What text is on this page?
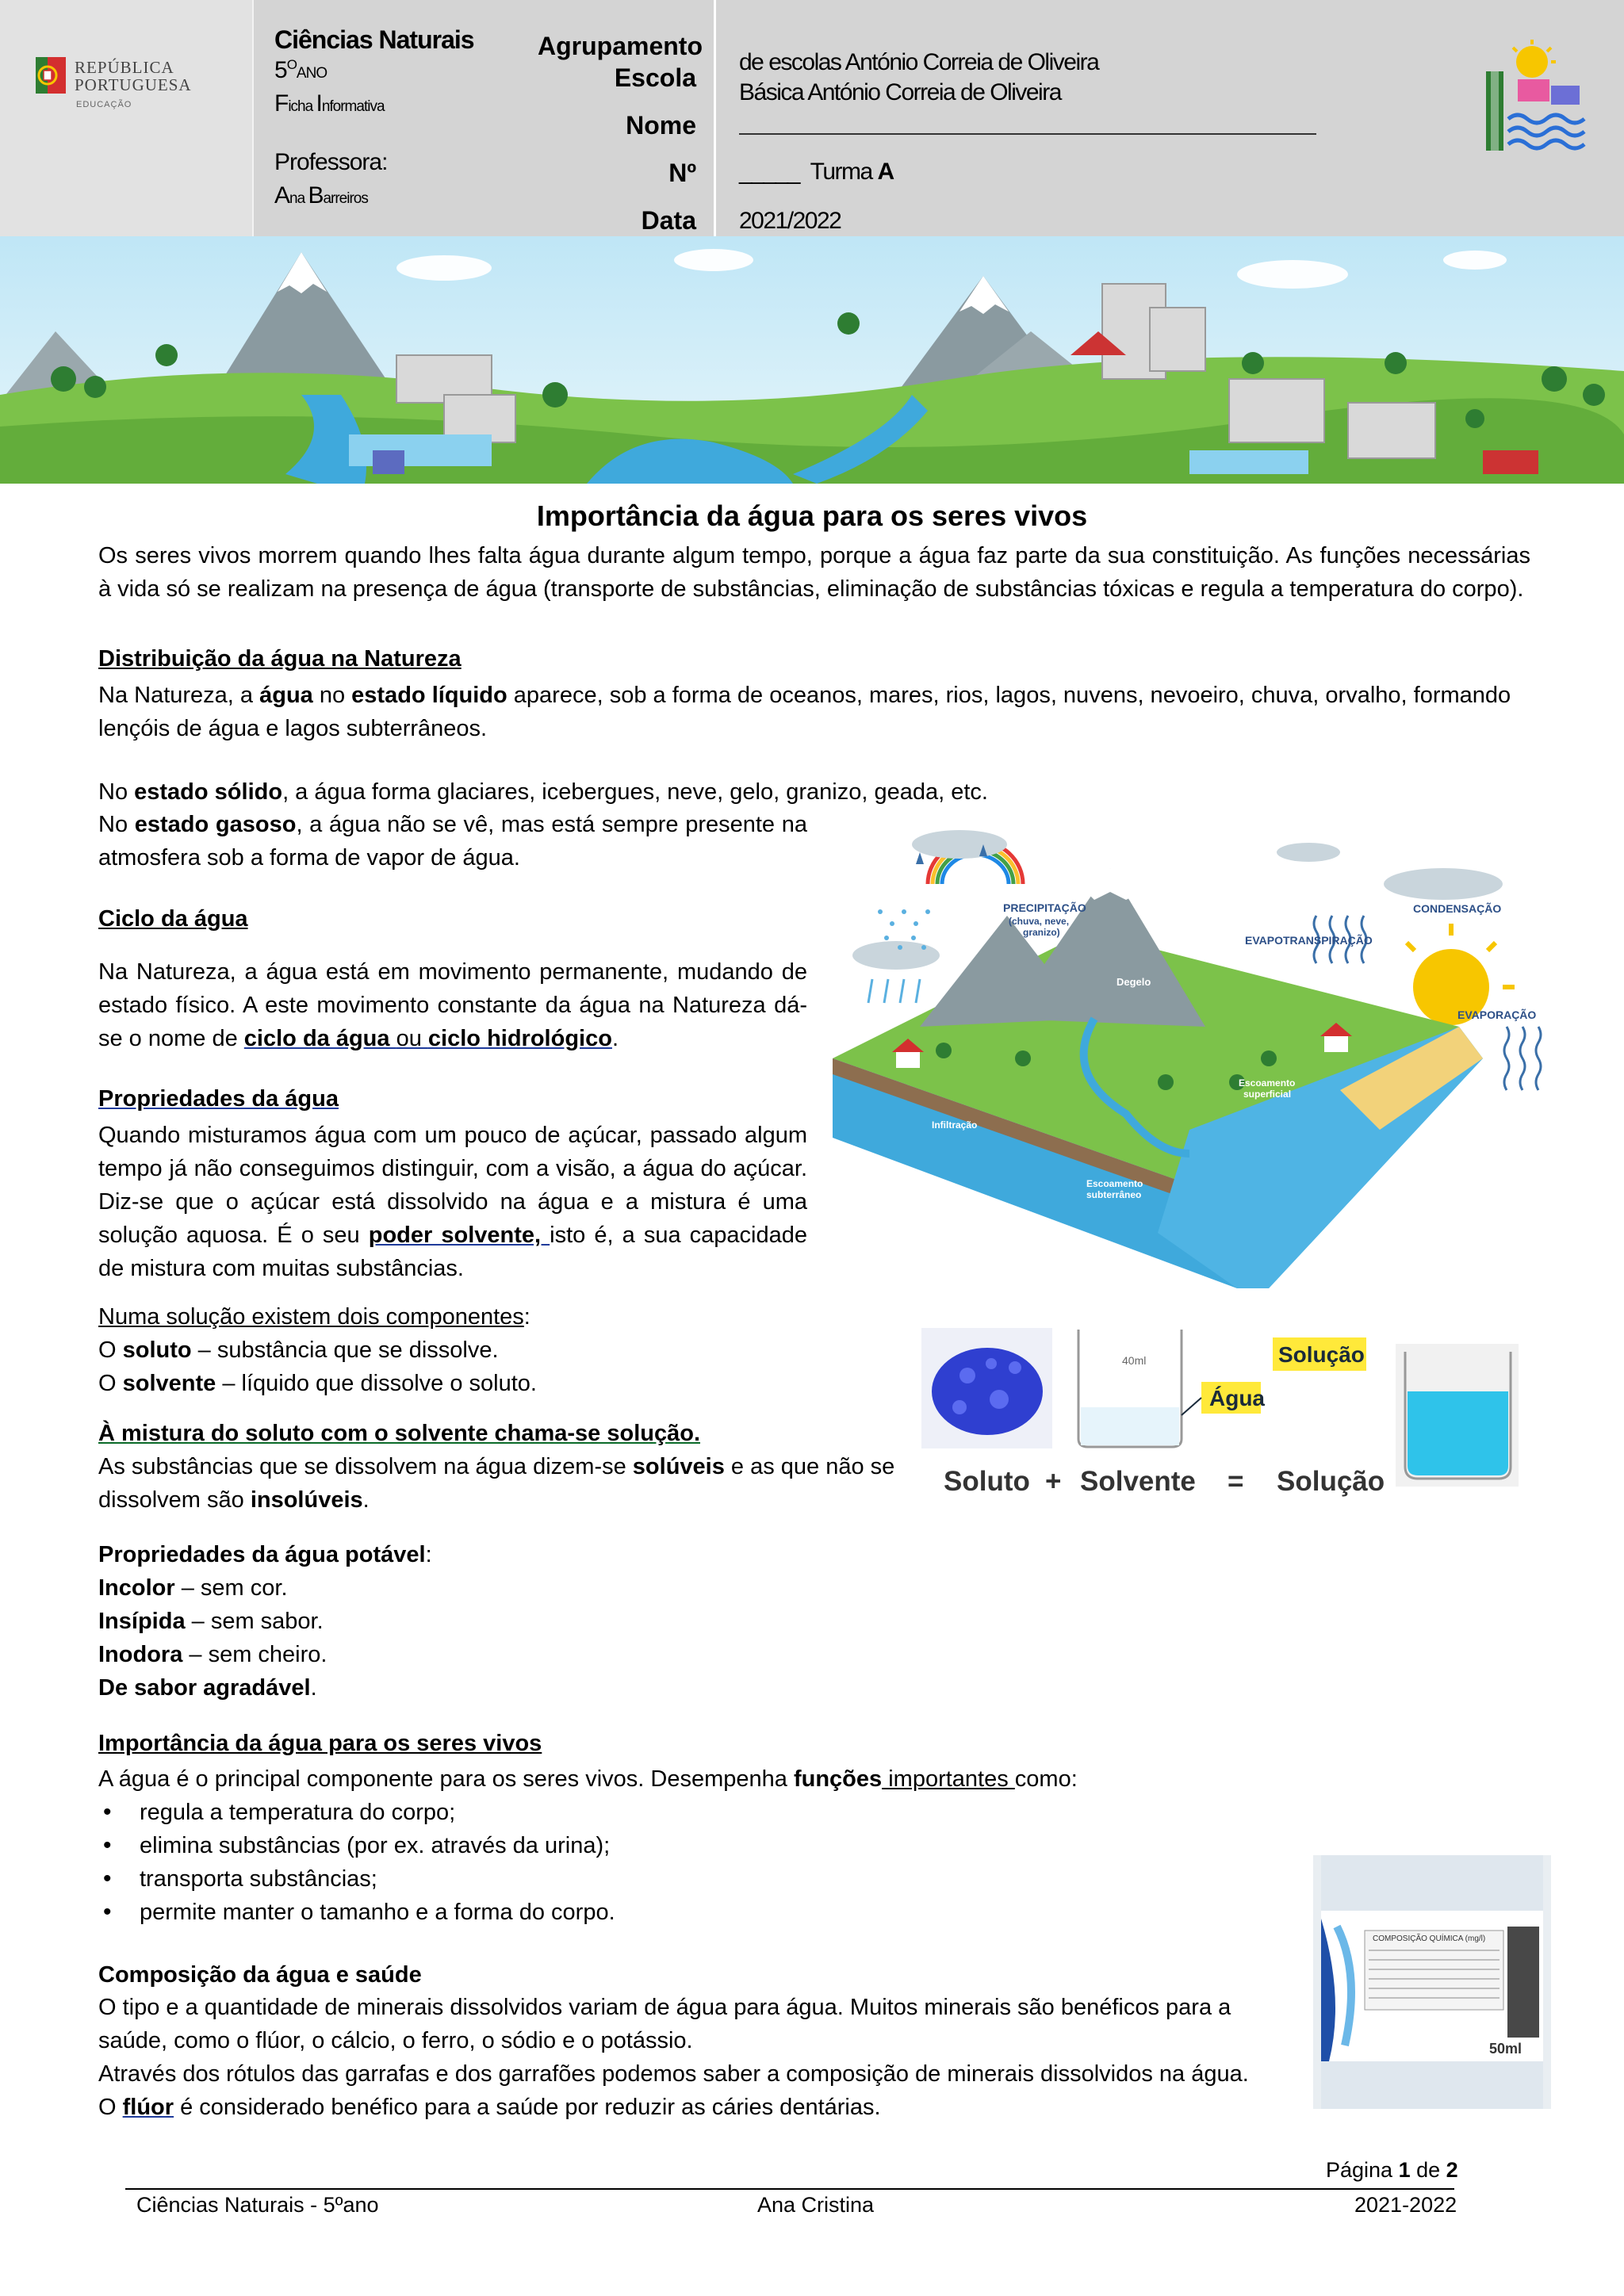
REPÚBLICA
PORTUGUESA
EDUCAÇÃO
Ciências Naturais
$5^OANO$
Ficha Informativa
Professora:
Ana Barreiros
Agrupamento
Escola
Nome
Nº
Data
de escolas António Correia de Oliveira
Básica António Correia de Oliveira
_____ Turma A
2021/2022
Importância da água para os seres vivos
Os seres vivos morrem quando lhes falta água durante algum tempo, porque a água faz parte da sua constituição. As funções necessárias à vida só se realizam na presença de água (transporte de substâncias, eliminação de substâncias tóxicas e regula a temperatura do corpo).
Distribuição da água na Natureza
Na Natureza, a água no estado líquido aparece, sob a forma de oceanos, mares, rios, lagos, nuvens, nevoeiro, chuva, orvalho, formando lençóis de água e lagos subterrâneos.
No estado sólido, a água forma glaciares, icebergues, neve, gelo, granizo, geada, etc.
No estado gasoso, a água não se vê, mas está sempre presente na atmosfera sob a forma de vapor de água.
Ciclo da água
Na Natureza, a água está em movimento permanente, mudando de estado físico. A este movimento constante da água na Natureza dá-se o nome de ciclo da água ou ciclo hidrológico.
Propriedades da água
Quando misturamos água com um pouco de açúcar, passado algum tempo já não conseguimos distinguir, com a visão, a água do açúcar. Diz-se que o açúcar está dissolvido na água e a mistura é uma solução aquosa. É o seu poder solvente, isto é, a sua capacidade de mistura com muitas substâncias.
Numa solução existem dois componentes:
O soluto – substância que se dissolve.
O solvente – líquido que dissolve o soluto.
À mistura do soluto com o solvente chama-se solução.
As substâncias que se dissolvem na água dizem-se solúveis e as que não se dissolvem são insolúveis.
Propriedades da água potável:
Incolor – sem cor.
Insípida – sem sabor.
Inodora – sem cheiro.
De sabor agradável.
Importância da água para os seres vivos
A água é o principal componente para os seres vivos. Desempenha funções importantes como:
• regula a temperatura do corpo;
• elimina substâncias (por ex. através da urina);
• transporta substâncias;
• permite manter o tamanho e a forma do corpo.
Composição da água e saúde
O tipo e a quantidade de minerais dissolvidos variam de água para água. Muitos minerais são benéficos para a saúde, como o flúor, o cálcio, o ferro, o sódio e o potássio.
Através dos rótulos das garrafas e dos garrafões podemos saber a composição de minerais dissolvidos na água.
O flúor é considerado benéfico para a saúde por reduzir as cáries dentárias.
PRECIPITAÇÃO
(chuva, neve,
granizo)
EVAPOTRANSPIRAÇÃO
CONDENSAÇÃO
EVAPORAÇÃO
Degelo
Escoamento
superficial
Infiltração
Escoamento
subterrâneo
40ml
Água
Solução
Soluto + Solvente = Solução
COMPOSIÇÃO QUÍMICA (mg/l)
50ml
Página 1 de 2
Ciências Naturais - 5ºano	Ana Cristina	2021-2022
